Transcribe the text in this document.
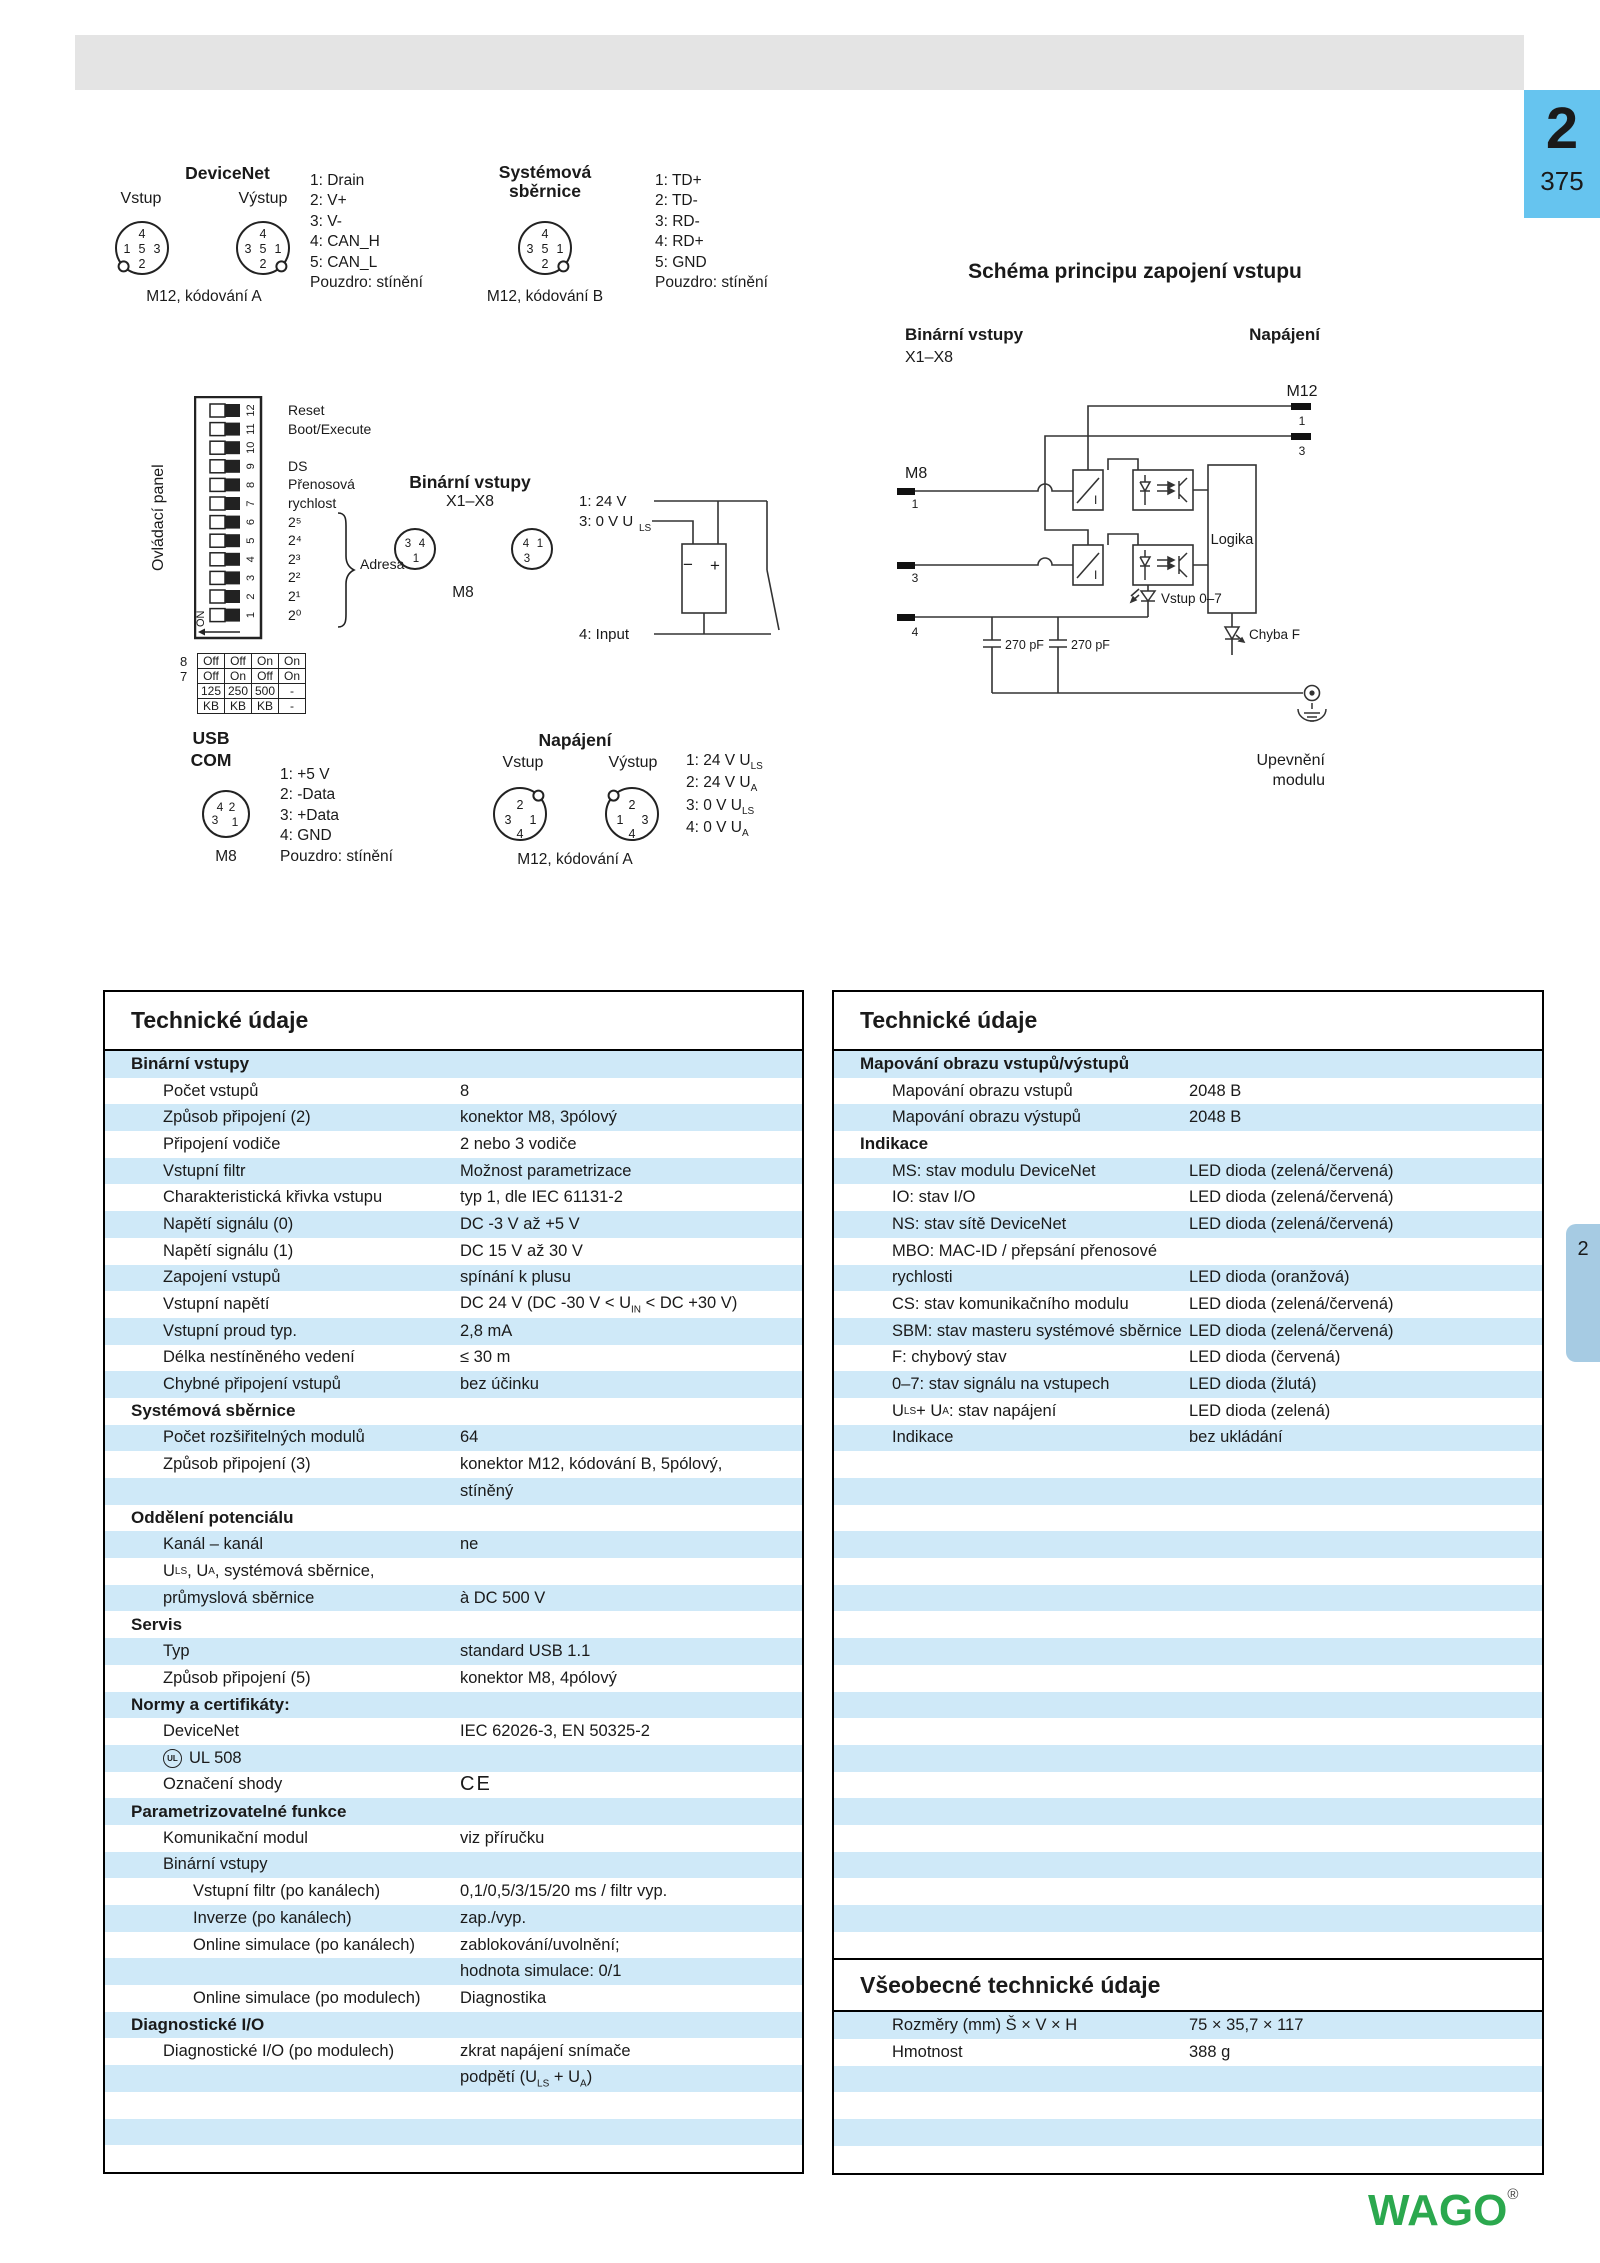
2
375
2
DeviceNet
Vstup	Výstup
4
1 5 3
2
4
3 5 1
2
M12, kódování A
1: Drain
2: V+
3: V-
4: CAN_H
5: CAN_L
Pouzdro: stínění
Systémová
sběrnice
4
3 5 1
2
M12, kódování B
1: TD+
2: TD-
3: RD-
4: RD+
5: GND
Pouzdro: stínění
Ovládací panel
12
11
10
9
8
7
6
5
4
3
2
1
ON
Reset
Boot/Execute
DS
Přenosová
rychlost
2⁵
2⁴
2³
2²
2¹
2⁰
Adresa
8
7
Off	Off	On	On
Off	On	Off	On
125	250	500	-
KB	KB	KB	-
Binární vstupy
X1–X8
3 4
1
4 1
3
M8
1: 24 V
3: 0 V U LS
4: Input
− +
USB
COM
4 2
3 1
M8
1: +5 V
2: -Data
3: +Data
4: GND
Pouzdro: stínění
Napájení
Vstup	Výstup
2
3 1
4
2
1 3
4
M12, kódování A
1: 24 V $U_{LS}$
2: 24 V $U_A$
3: 0 V $U_{LS}$
4: 0 V $U_A$
Schéma principu zapojení vstupu
Binární vstupy
X1–X8
Napájení
M12
M8
1
3
1
3
4
I
I
Logika
Vstup 0–7
Chyba F
270 pF 270 pF
Upevnění
modulu
Technické údaje
Binární vstupy
Počet vstupů	8
Způsob připojení (2)	konektor M8, 3pólový
Připojení vodiče	2 nebo 3 vodiče
Vstupní filtr	Možnost parametrizace
Charakteristická křivka vstupu	typ 1, dle IEC 61131-2
Napětí signálu (0)	DC -3 V až +5 V
Napětí signálu (1)	DC 15 V až 30 V
Zapojení vstupů	spínání k plusu
Vstupní napětí	DC 24 V (DC -30 $V < U_{IN}$ < DC +30 V)
Vstupní proud typ.	2,8 mA
Délka nestíněného vedení	≤ 30 m
Chybné připojení vstupů	bez účinku
Systémová sběrnice
Počet rozšiřitelných modulů	64
Způsob připojení (3)	konektor M12, kódování B, 5pólový,
stíněný
Oddělení potenciálu
Kanál – kanál	ne
U LS , U A , systémová sběrnice,
průmyslová sběrnice	à DC 500 V
Servis
Typ	standard USB 1.1
Způsob připojení (5)	konektor M8, 4pólový
Normy a certifikáty:
DeviceNet	IEC 62026-3, EN 50325-2
UL UL 508
Označení shody	CE
Parametrizovatelné funkce
Komunikační modul	viz příručku
Binární vstupy
Vstupní filtr (po kanálech)	0,1/0,5/3/15/20 ms / filtr vyp.
Inverze (po kanálech)	zap./vyp.
Online simulace (po kanálech)	zablokování/uvolnění;
hodnota simulace: 0/1
Online simulace (po modulech)	Diagnostika
Diagnostické I/O
Diagnostické I/O (po modulech)	zkrat napájení snímače
podpětí $(U_{LS} + U_A)$
Technické údaje
Mapování obrazu vstupů/výstupů
Mapování obrazu vstupů	2048 B
Mapování obrazu výstupů	2048 B
Indikace
MS: stav modulu DeviceNet	LED dioda (zelená/červená)
IO: stav I/O	LED dioda (zelená/červená)
NS: stav sítě DeviceNet	LED dioda (zelená/červená)
MBO: MAC-ID / přepsání přenosové
rychlosti	LED dioda (oranžová)
CS: stav komunikačního modulu	LED dioda (zelená/červená)
SBM: stav masteru systémové sběrnice LED dioda (zelená/červená)
F: chybový stav	LED dioda (červená)
0–7: stav signálu na vstupech	LED dioda (žlutá)
U LS + U A : stav napájení	LED dioda (zelená)
Indikace	bez ukládání
Všeobecné technické údaje
Rozměry (mm) Š × V × H	75 × 35,7 × 117
Hmotnost	388 g
WAGO®
